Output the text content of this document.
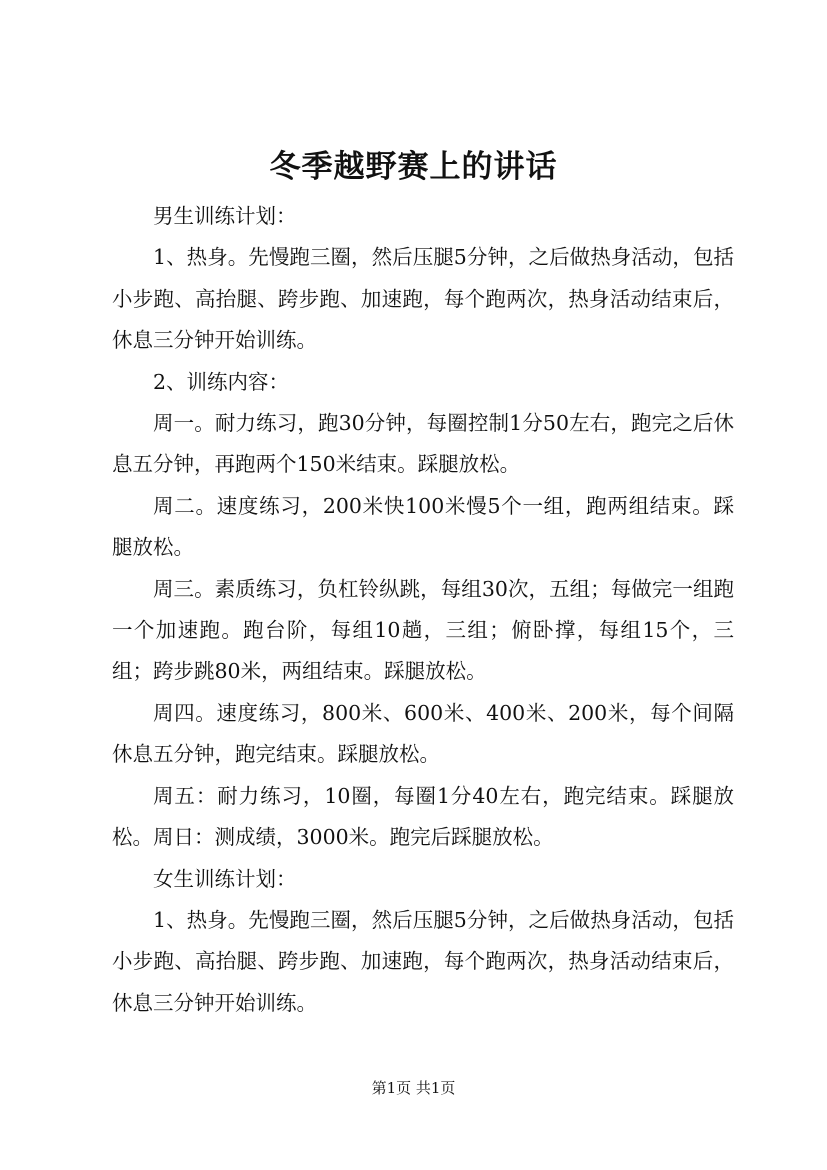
冬季越野赛上的讲话

男生训练计划：

1、热身。先慢跑三圈，然后压腿5分钟，之后做热身活动，包括小步跑、高抬腿、跨步跑、加速跑，每个跑两次，热身活动结束后，休息三分钟开始训练。

2、训练内容：

周一。耐力练习，跑30分钟，每圈控制1分50左右，跑完之后休息五分钟，再跑两个150米结束。踩腿放松。

周二。速度练习，200米快100米慢5个一组，跑两组结束。踩腿放松。

周三。素质练习，负杠铃纵跳，每组30次，五组；每做完一组跑一个加速跑。跑台阶，每组10趟，三组；俯卧撑，每组15个，三组；跨步跳80米，两组结束。踩腿放松。

周四。速度练习，800米、600米、400米、200米，每个间隔休息五分钟，跑完结束。踩腿放松。

周五：耐力练习，10圈，每圈1分40左右，跑完结束。踩腿放松。周日：测成绩，3000米。跑完后踩腿放松。

女生训练计划：

1、热身。先慢跑三圈，然后压腿5分钟，之后做热身活动，包括小步跑、高抬腿、跨步跑、加速跑，每个跑两次，热身活动结束后，休息三分钟开始训练。

第1页 共1页
